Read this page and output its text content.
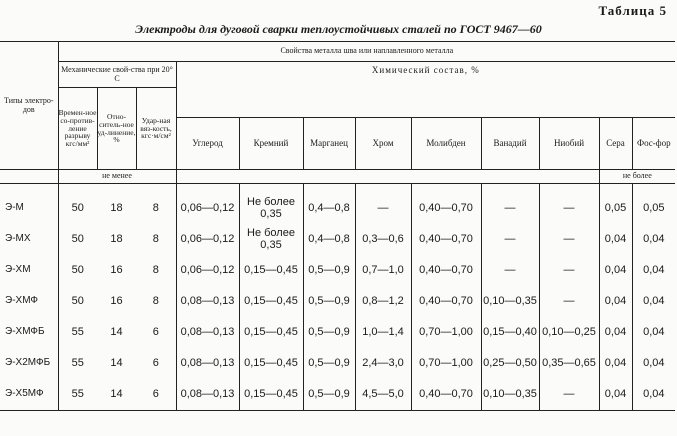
Таблица 5
Электроды для дуговой сварки теплоустойчивых сталей по ГОСТ 9467—60
Типы электро-дов	Свойства металла шва или наплавленного металла											
	Механические свой-ства при 20° С			Химический состав, %								
	Времен-ное со-против-ление разрыву кгс/мм²	Отно-ситель-ное уд-линение, %	Удар-ная вяз-кость, кгс·м/см²									
				Углерод	Кремний	Марганец	Хром	Молибден	Ванадий	Ниобий	Сера	Фос-фор
	не менее										не более	

Э-М	50	18	8	0,06—0,12	Не более 0,35	0,4—0,8	—	0,40—0,70	—	—	0,05	0,05
Э-МХ	50	18	8	0,06—0,12	Не более 0,35	0,4—0,8	0,3—0,6	0,40—0,70	—	—	0,04	0,04
Э-ХМ	50	16	8	0,06—0,12	0,15—0,45	0,5—0,9	0,7—1,0	0,40—0,70	—	—	0,04	0,04
Э-ХМФ	50	16	8	0,08—0,13	0,15—0,45	0,5—0,9	0,8—1,2	0,40—0,70	0,10—0,35	—	0,04	0,04
Э-ХМФБ	55	14	6	0,08—0,13	0,15—0,45	0,5—0,9	1,0—1,4	0,70—1,00	0,15—0,40	0,10—0,25	0,04	0,04
Э-Х2МФБ	55	14	6	0,08—0,13	0,15—0,45	0,5—0,9	2,4—3,0	0,70—1,00	0,25—0,50	0,35—0,65	0,04	0,04
Э-Х5МФ	55	14	6	0,08—0,13	0,15—0,45	0,5—0,9	4,5—5,0	0,40—0,70	0,10—0,35	—	0,04	0,04
